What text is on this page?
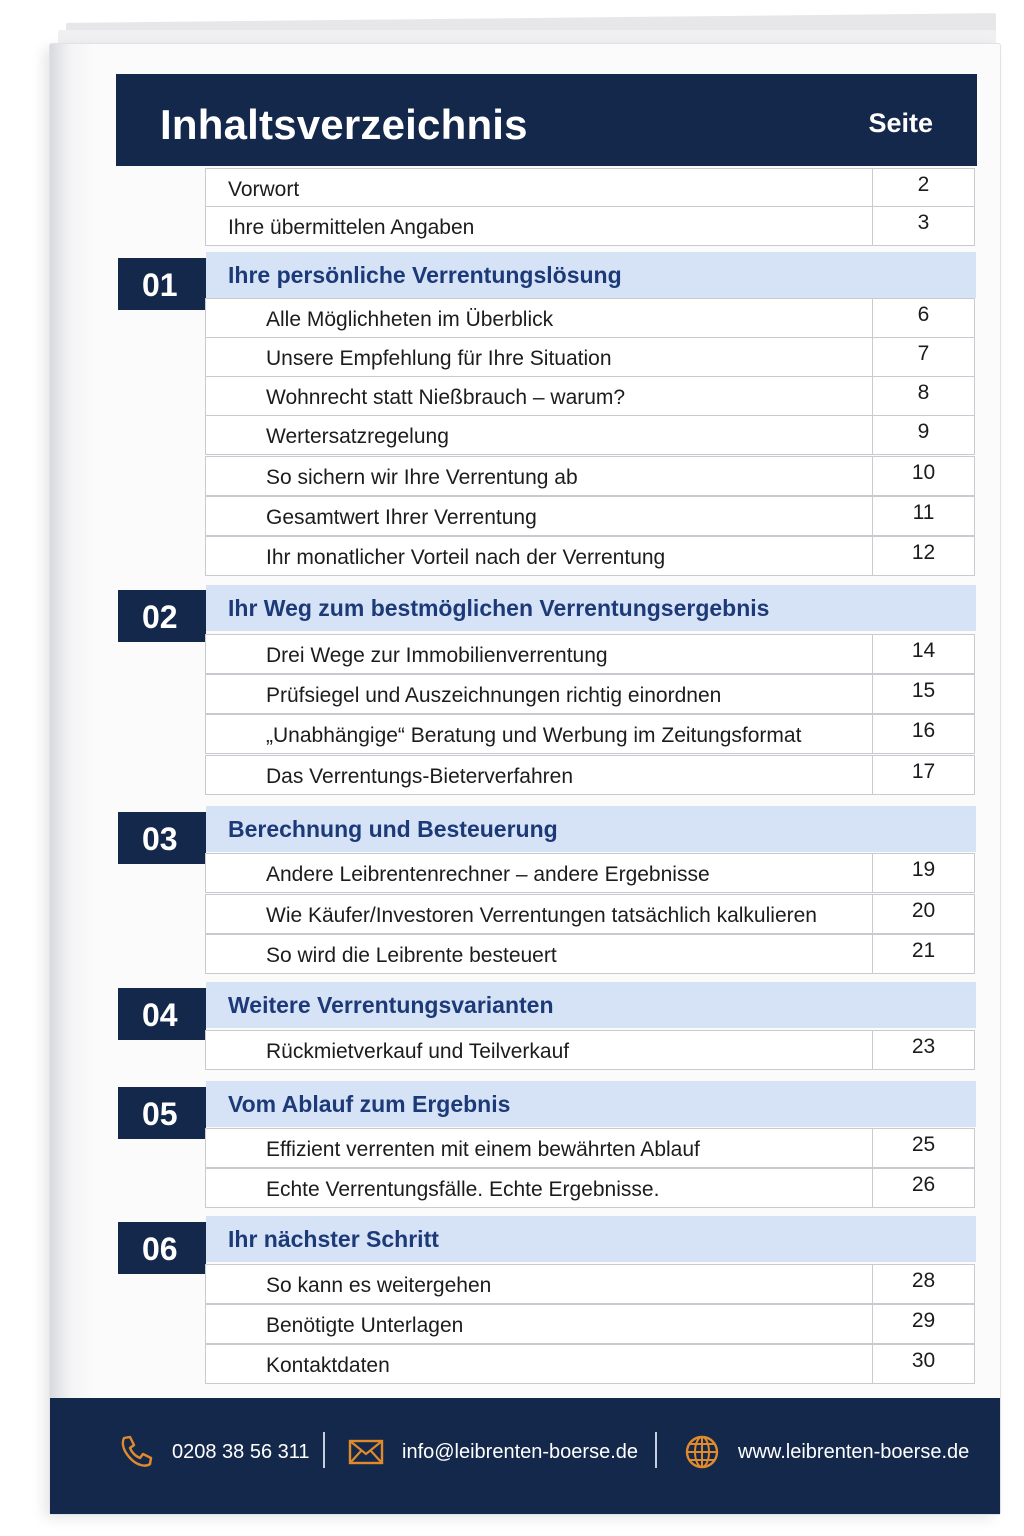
Inhaltsverzeichnis	Seite
Vorwort	2
Ihre übermittelen Angaben	3
01	Ihre persönliche Verrentungslösung
Alle Möglichheten im Überblick	6
Unsere Empfehlung für Ihre Situation	7
Wohnrecht statt Nießbrauch – warum?	8
Wertersatzregelung	9
So sichern wir Ihre Verrentung ab	10
Gesamtwert Ihrer Verrentung	11
Ihr monatlicher Vorteil nach der Verrentung	12
02	Ihr Weg zum bestmöglichen Verrentungsergebnis
Drei Wege zur Immobilienverrentung	14
Prüfsiegel und Auszeichnungen richtig einordnen	15
„Unabhängige“ Beratung und Werbung im Zeitungsformat	16
Das Verrentungs-Bieterverfahren	17
03	Berechnung und Besteuerung
Andere Leibrentenrechner – andere Ergebnisse	19
Wie Käufer/Investoren Verrentungen tatsächlich kalkulieren	20
So wird die Leibrente besteuert	21
04	Weitere Verrentungsvarianten
Rückmietverkauf und Teilverkauf	23
05	Vom Ablauf zum Ergebnis
Effizient verrenten mit einem bewährten Ablauf	25
Echte Verrentungsfälle. Echte Ergebnisse.	26
06	Ihr nächster Schritt
So kann es weitergehen	28
Benötigte Unterlagen	29
Kontaktdaten	30
0208 38 56 311	info@leibrenten-boerse.de	www.leibrenten-boerse.de
